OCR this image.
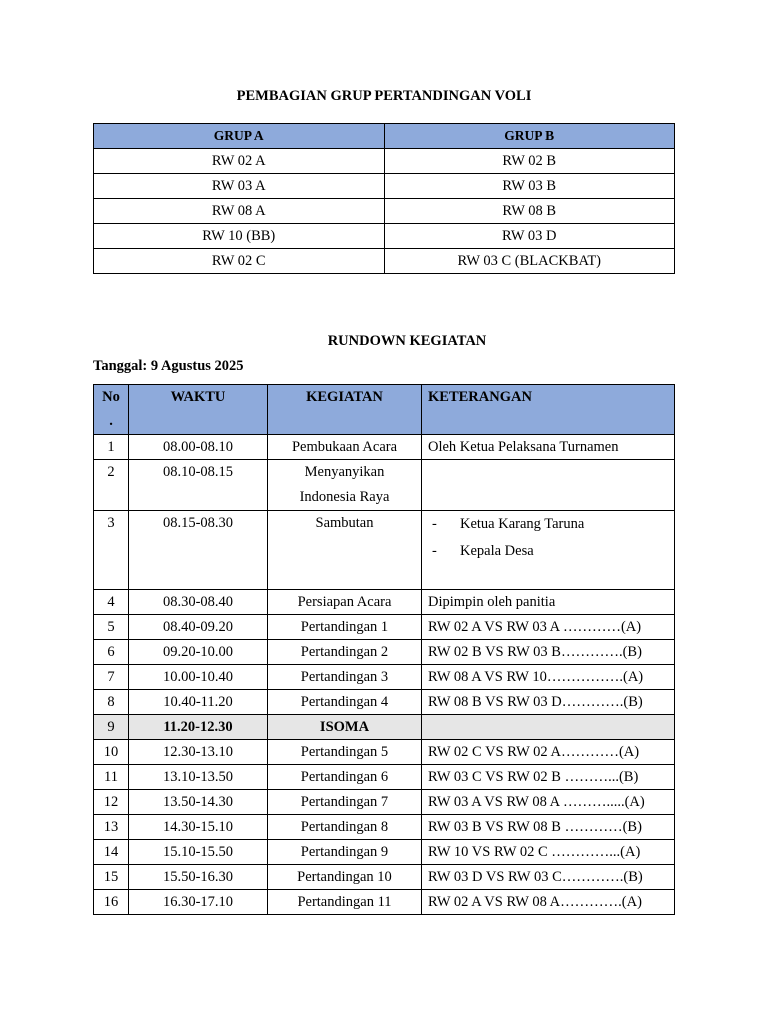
PEMBAGIAN GRUP PERTANDINGAN VOLI
GRUP A	GRUP B
RW 02 A	RW 02 B
RW 03 A	RW 03 B
RW 08 A	RW 08 B
RW 10 (BB)	RW 03 D
RW 02 C	RW 03 C (BLACKBAT)
RUNDOWN KEGIATAN
Tanggal: 9 Agustus 2025
No
.	WAKTU	KEGIATAN	KETERANGAN
1	08.00-08.10	Pembukaan Acara	Oleh Ketua Pelaksana Turnamen
2	08.10-08.15	Menyanyikan
Indonesia Raya	
3	08.15-08.30	Sambutan	- Ketua Karang Taruna
- Kepala Desa

4	08.30-08.40	Persiapan Acara	Dipimpin oleh panitia
5	08.40-09.20	Pertandingan 1	RW 02 A VS RW 03 A …………(A)
6	09.20-10.00	Pertandingan 2	RW 02 B VS RW 03 B………….(B)
7	10.00-10.40	Pertandingan 3	RW 08 A VS RW 10…………….(A)
8	10.40-11.20	Pertandingan 4	RW 08 B VS RW 03 D………….(B)
9	11.20-12.30	ISOMA	
10	12.30-13.10	Pertandingan 5	RW 02 C VS RW 02 A…………(A)
11	13.10-13.50	Pertandingan 6	RW 03 C VS RW 02 B ………...(B)
12	13.50-14.30	Pertandingan 7	RW 03 A VS RW 08 A ……….....(A)
13	14.30-15.10	Pertandingan 8	RW 03 B VS RW 08 B …………(B)
14	15.10-15.50	Pertandingan 9	RW 10 VS RW 02 C …………...(A)
15	15.50-16.30	Pertandingan 10	RW 03 D VS RW 03 C………….(B)
16	16.30-17.10	Pertandingan 11	RW 02 A VS RW 08 A………….(A)
